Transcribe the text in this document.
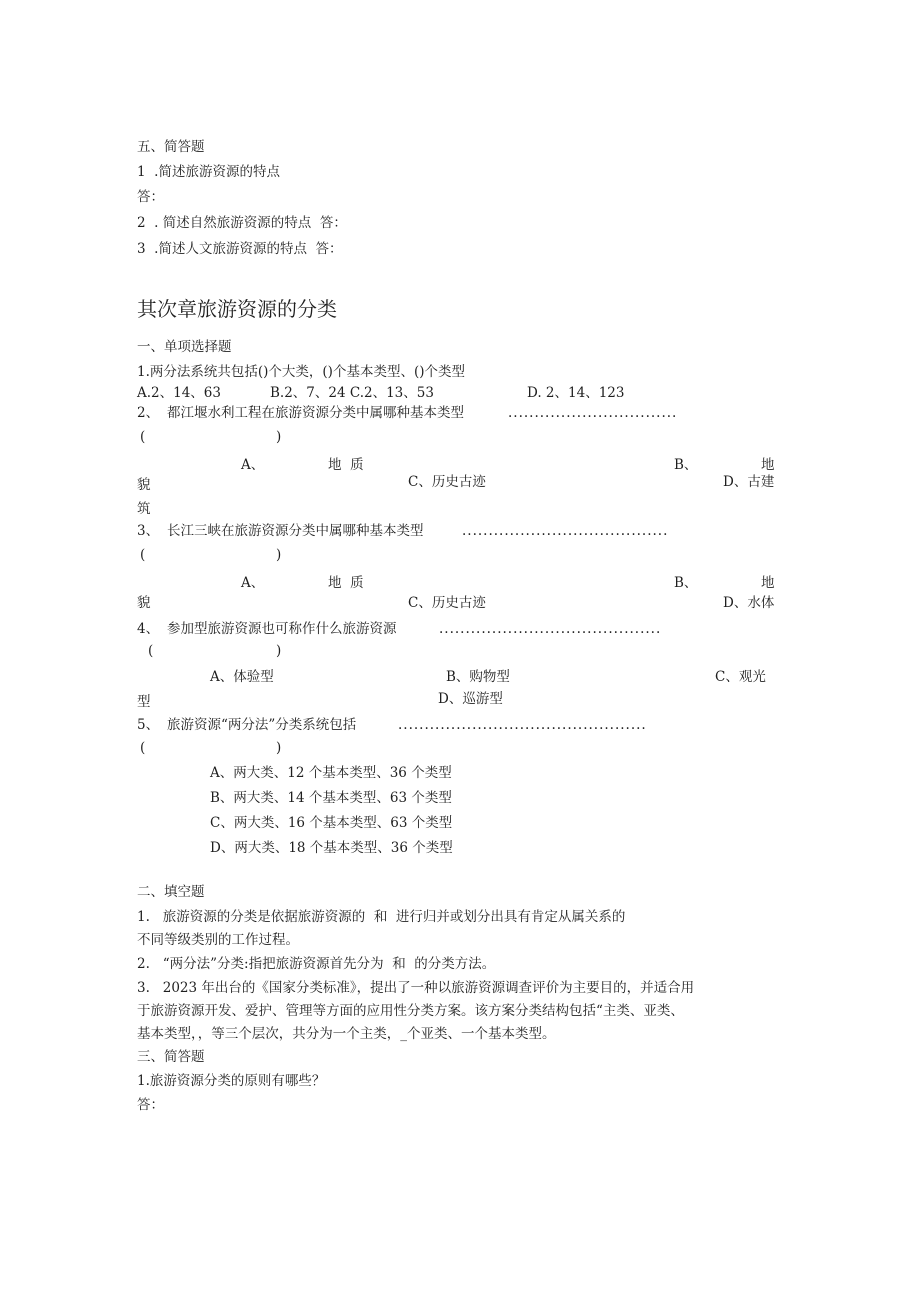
五、简答题
1  .简述旅游资源的特点
答：
2  . 简述自然旅游资源的特点  答：
3  .简述人文旅游资源的特点  答：
其次章旅游资源的分类
一、单项选择题
1.两分法系统共包括()个大类，()个基本类型、()个类型
A.2、14、63	B.2、7、24 C.2、13、53	D. 2、14、123
2、 都江堰水利工程在旅游资源分类中属哪种基本类型	................................
(	)
A、	地  质	B、	地
貌	C、历史古迹	D、古建
筑
3、 长江三峡在旅游资源分类中属哪种基本类型	.......................................
(	)
A、	地  质	B、	地
貌	C、历史古迹	D、水体
4、 参加型旅游资源也可称作什么旅游资源	..........................................
(	)
A、体验型	B、购物型	C、观光
型	D、巡游型
5、 旅游资源“两分法”分类系统包括	...............................................
(	)
A、两大类、12 个基本类型、36 个类型
B、两大类、14 个基本类型、63 个类型
C、两大类、16 个基本类型、63 个类型
D、两大类、18 个基本类型、36 个类型
二、填空题
1.   旅游资源的分类是依据旅游资源的  和  进行归并或划分出具有肯定从属关系的
不同等级类别的工作过程。
2.   “两分法”分类:指把旅游资源首先分为  和  的分类方法。
3.   2023 年出台的《国家分类标准》，提出了一种以旅游资源调查评价为主要目的，并适合用
于旅游资源开发、爱护、管理等方面的应用性分类方案。该方案分类结构包括“主类、亚类、
基本类型，，等三个层次，共分为一个主类，_个亚类、一个基本类型。
三、简答题
1.旅游资源分类的原则有哪些？
答：
